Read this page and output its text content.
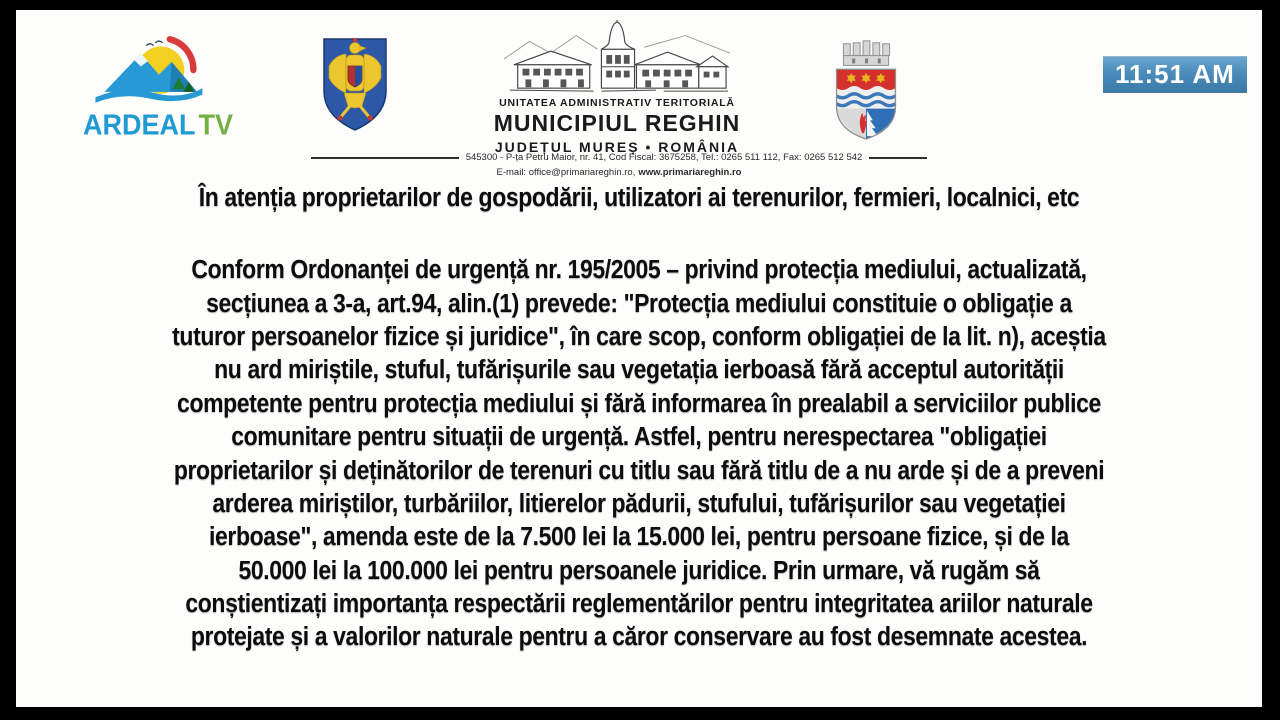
ARDEAL TV
UNITATEA ADMINISTRATIV TERITORIALĂ
MUNICIPIUL REGHIN
JUDEȚUL MUREȘ • ROMÂNIA
11:51 AM
545300 - P-ța Petru Maior, nr. 41, Cod Fiscal: 3675258, Tel.: 0265 511 112, Fax: 0265 512 542
E-mail: office@primariareghin.ro, www.primariareghin.ro
În atenția proprietarilor de gospodării, utilizatori ai terenurilor, fermieri, localnici, etc
Conform Ordonanței de urgență nr. 195/2005 – privind protecția mediului, actualizată,
secțiunea a 3-a, art.94, alin.(1) prevede: "Protecția mediului constituie o obligație a
tuturor persoanelor fizice și juridice", în care scop, conform obligației de la lit. n), aceștia
nu ard miriștile, stuful, tufărișurile sau vegetația ierboasă fără acceptul autorității
competente pentru protecția mediului și fără informarea în prealabil a serviciilor publice
comunitare pentru situații de urgență. Astfel, pentru nerespectarea "obligației
proprietarilor și deținătorilor de terenuri cu titlu sau fără titlu de a nu arde și de a preveni
arderea miriștilor, turbăriilor, litierelor pădurii, stufului, tufărișurilor sau vegetației
ierboase", amenda este de la 7.500 lei la 15.000 lei, pentru persoane fizice, și de la
50.000 lei la 100.000 lei pentru persoanele juridice. Prin urmare, vă rugăm să
conștientizați importanța respectării reglementărilor pentru integritatea ariilor naturale
protejate și a valorilor naturale pentru a căror conservare au fost desemnate acestea.
